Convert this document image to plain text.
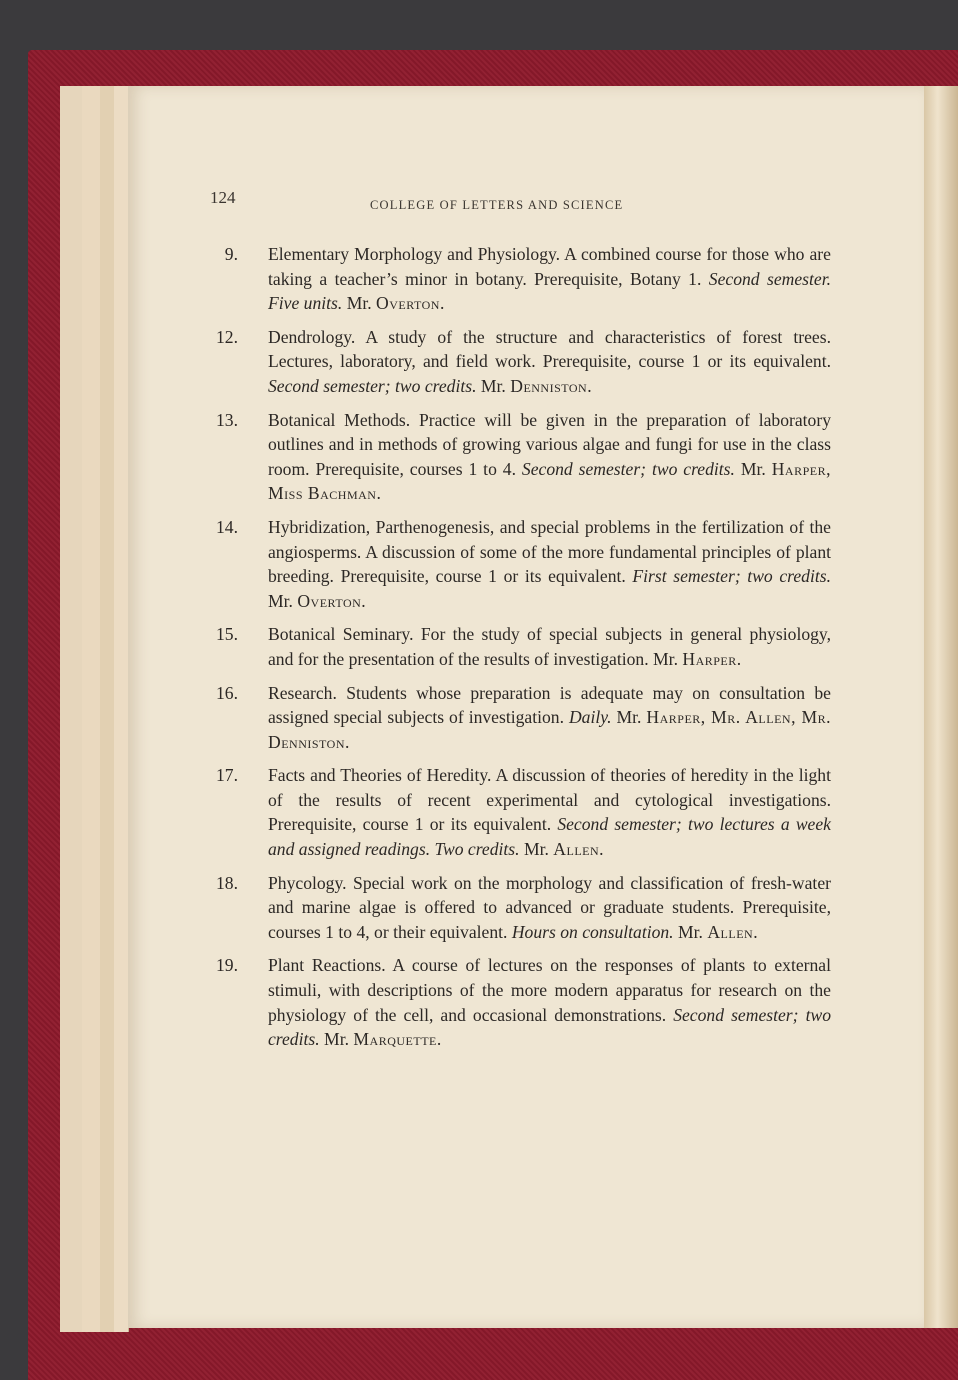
124	COLLEGE OF LETTERS AND SCIENCE
9. Elementary Morphology and Physiology. A combined course for those who are taking a teacher’s minor in botany. Prerequisite, Botany 1. Second semester. Five units. Mr. Overton.
12. Dendrology. A study of the structure and characteristics of forest trees. Lectures, laboratory, and field work. Prerequisite, course 1 or its equivalent. Second semester; two credits. Mr. Denniston.
13. Botanical Methods. Practice will be given in the preparation of laboratory outlines and in methods of growing various algae and fungi for use in the class room. Prerequisite, courses 1 to 4. Second semester; two credits. Mr. Harper, Miss Bachman.
14. Hybridization, Parthenogenesis, and special problems in the fertilization of the angiosperms. A discussion of some of the more fundamental principles of plant breeding. Prerequisite, course 1 or its equivalent. First semester; two credits. Mr. Overton.
15. Botanical Seminary. For the study of special subjects in general physiology, and for the presentation of the results of investigation. Mr. Harper.
16. Research. Students whose preparation is adequate may on consultation be assigned special subjects of investigation. Daily. Mr. Harper, Mr. Allen, Mr. Denniston.
17. Facts and Theories of Heredity. A discussion of theories of heredity in the light of the results of recent experimental and cytological investigations. Prerequisite, course 1 or its equivalent. Second semester; two lectures a week and assigned readings. Two credits. Mr. Allen.
18. Phycology. Special work on the morphology and classification of fresh-water and marine algae is offered to advanced or graduate students. Prerequisite, courses 1 to 4, or their equivalent. Hours on consultation. Mr. Allen.
19. Plant Reactions. A course of lectures on the responses of plants to external stimuli, with descriptions of the more modern apparatus for research on the physiology of the cell, and occasional demonstrations. Second semester; two credits. Mr. Marquette.
